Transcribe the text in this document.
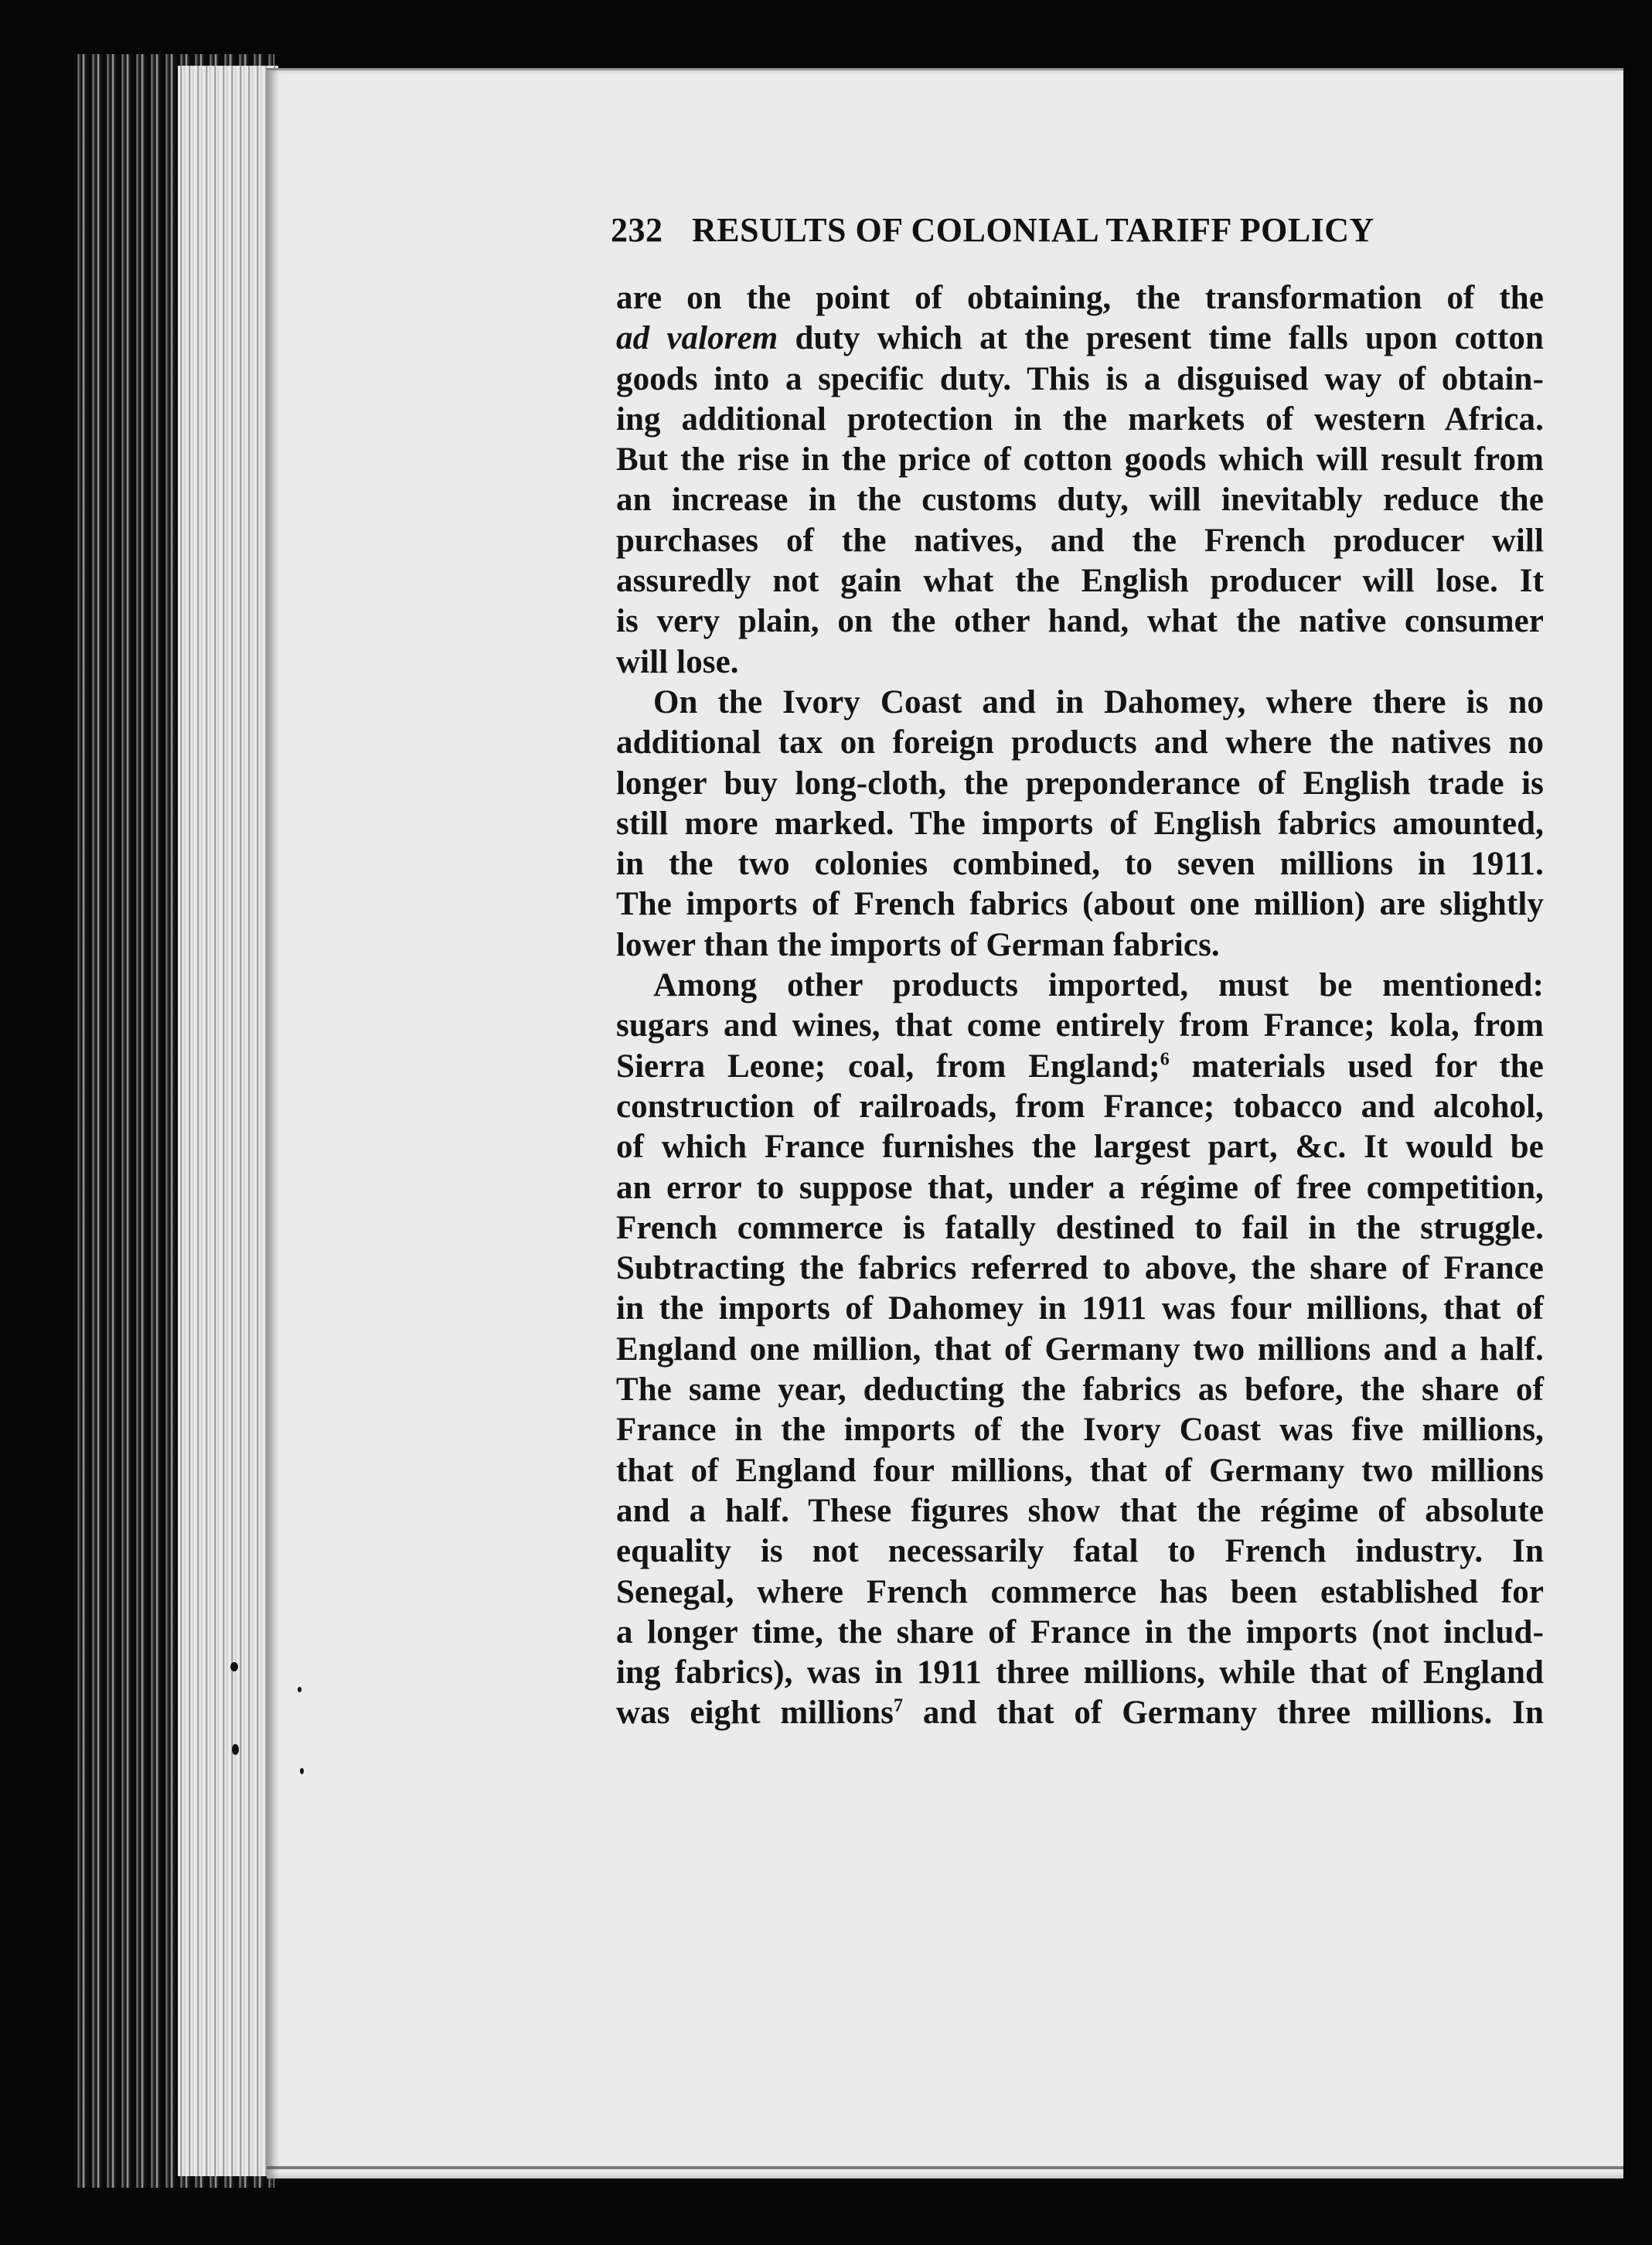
232 RESULTS OF COLONIAL TARIFF POLICY

are on the point of obtaining, the transformation of the
ad valorem duty which at the present time falls upon cotton
goods into a specific duty. This is a disguised way of obtain-
ing additional protection in the markets of western Africa.
But the rise in the price of cotton goods which will result from
an increase in the customs duty, will inevitably reduce the
purchases of the natives, and the French producer will
assuredly not gain what the English producer will lose. It
is very plain, on the other hand, what the native consumer
will lose.

On the Ivory Coast and in Dahomey, where there is no
additional tax on foreign products and where the natives no
longer buy long-cloth, the preponderance of English trade is
still more marked. The imports of English fabrics amounted,
in the two colonies combined, to seven millions in 1911.
The imports of French fabrics (about one million) are slightly
lower than the imports of German fabrics.

Among other products imported, must be mentioned:
sugars and wines, that come entirely from France; kola, from
Sierra Leone; coal, from England;$^6$ materials used for the
construction of railroads, from France; tobacco and alcohol,
of which France furnishes the largest part, &c. It would be
an error to suppose that, under a régime of free competition,
French commerce is fatally destined to fail in the struggle.
Subtracting the fabrics referred to above, the share of France
in the imports of Dahomey in 1911 was four millions, that of
England one million, that of Germany two millions and a half.
The same year, deducting the fabrics as before, the share of
France in the imports of the Ivory Coast was five millions,
that of England four millions, that of Germany two millions
and a half. These figures show that the régime of absolute
equality is not necessarily fatal to French industry. In
Senegal, where French commerce has been established for
a longer time, the share of France in the imports (not includ-
ing fabrics), was in 1911 three millions, while that of England
was eight millions$^7$ and that of Germany three millions. In
